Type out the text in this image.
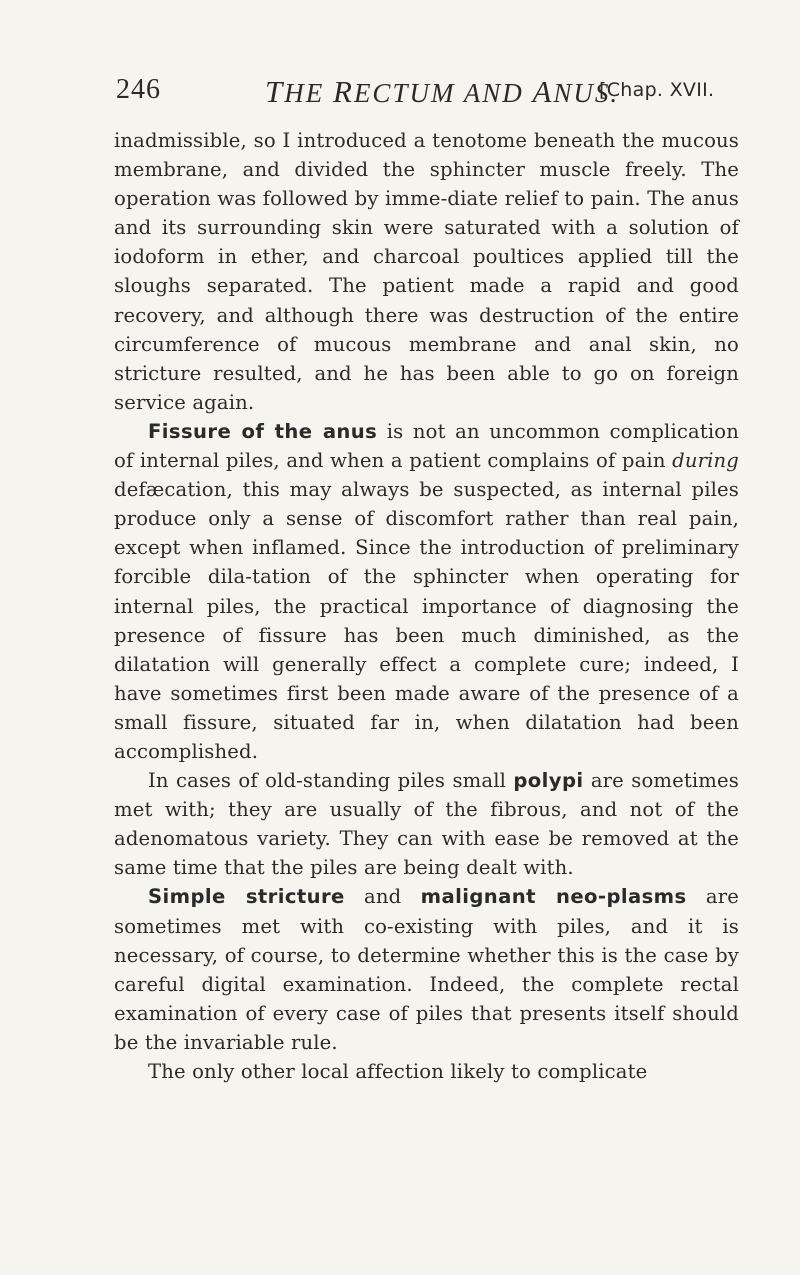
246	THE RECTUM AND ANUS.
[Chap. XVII.

inadmissible, so I introduced a tenotome beneath the mucous membrane, and divided the sphincter muscle freely. The operation was followed by imme-diate relief to pain. The anus and its surrounding skin were saturated with a solution of iodoform in ether, and charcoal poultices applied till the sloughs separated. The patient made a rapid and good recovery, and although there was destruction of the entire circumference of mucous membrane and anal skin, no stricture resulted, and he has been able to go on foreign service again.

Fissure of the anus is not an uncommon complication of internal piles, and when a patient complains of pain during defæcation, this may always be suspected, as internal piles produce only a sense of discomfort rather than real pain, except when inflamed. Since the introduction of preliminary forcible dila-tation of the sphincter when operating for internal piles, the practical importance of diagnosing the presence of fissure has been much diminished, as the dilatation will generally effect a complete cure; indeed, I have sometimes first been made aware of the presence of a small fissure, situated far in, when dilatation had been accomplished.

In cases of old-standing piles small polypi are sometimes met with; they are usually of the fibrous, and not of the adenomatous variety. They can with ease be removed at the same time that the piles are being dealt with.

Simple stricture and malignant neo-plasms are sometimes met with co-existing with piles, and it is necessary, of course, to determine whether this is the case by careful digital examination. Indeed, the complete rectal examination of every case of piles that presents itself should be the invariable rule.

The only other local affection likely to complicate
